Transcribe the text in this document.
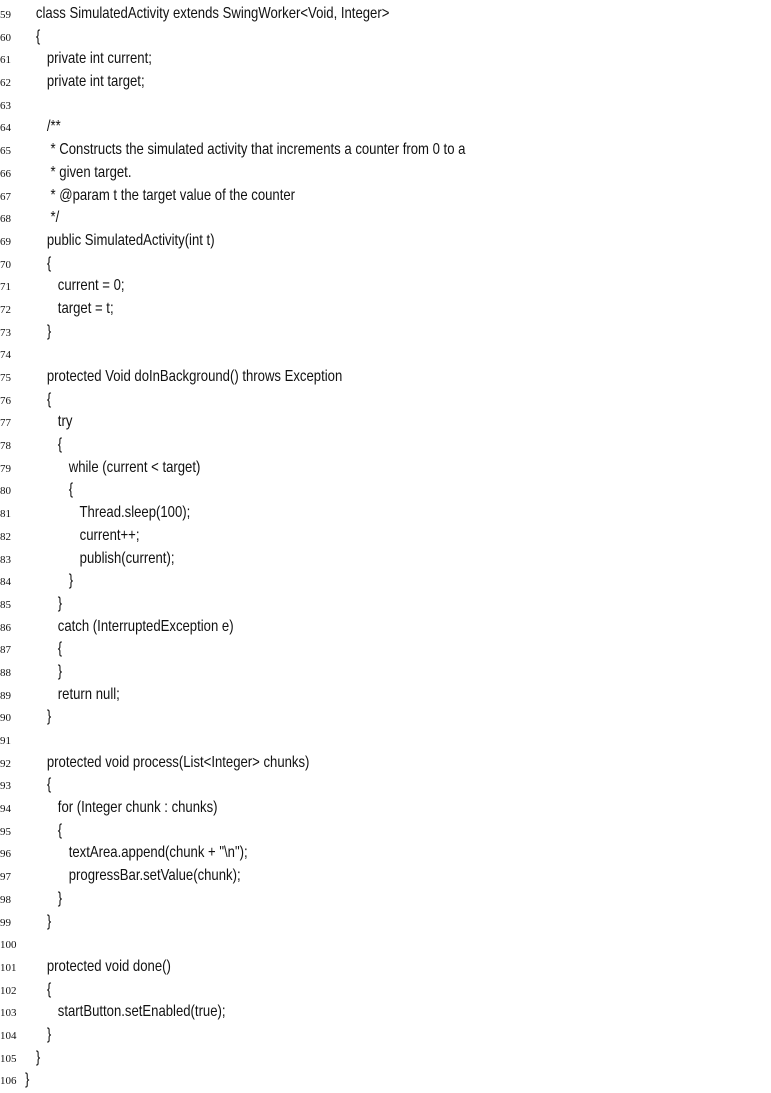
59 class SimulatedActivity extends SwingWorker<Void, Integer>
60 {
61 private int current;
62 private int target;
63
64 /**
65 * Constructs the simulated activity that increments a counter from 0 to a
66 * given target.
67 * @param t the target value of the counter
68 */
69 public SimulatedActivity(int t)
70 {
71 current = 0;
72 target = t;
73 }
74
75 protected Void doInBackground() throws Exception
76 {
77 try
78 {
79 while (current < target)
80 {
81 Thread.sleep(100);
82 current++;
83 publish(current);
84 }
85 }
86 catch (InterruptedException e)
87 {
88 }
89 return null;
90 }
91
92 protected void process(List<Integer> chunks)
93 {
94 for (Integer chunk : chunks)
95 {
96 textArea.append(chunk + "\n");
97 progressBar.setValue(chunk);
98 }
99 }
100
101 protected void done()
102 {
103 startButton.setEnabled(true);
104 }
105 }
106 }
